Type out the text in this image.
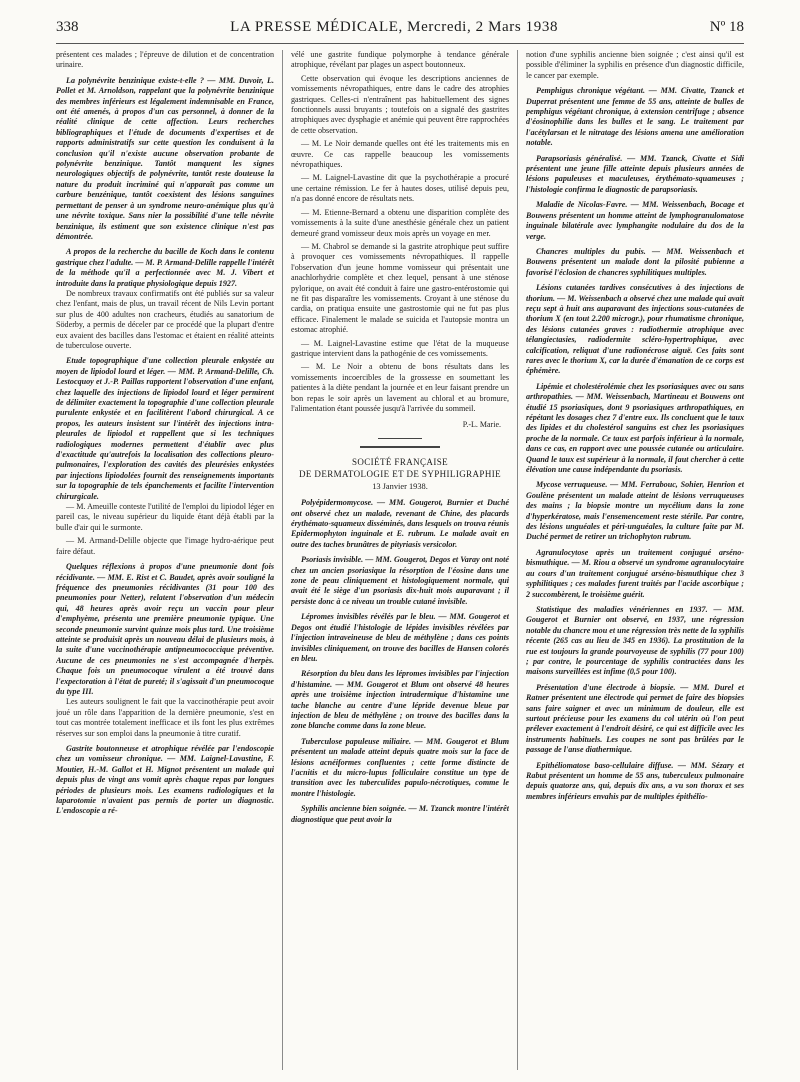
338	LA PRESSE MÉDICALE, Mercredi, 2 Mars 1938	Nº 18

présentent ces malades ; l'épreuve de dilution et de concentration urinaire.

La polynévrite benzinique existe-t-elle ? — MM. Duvoir, L. Pollet et M. Arnoldson, rappelant que la polynévrite benzinique des membres inférieurs est légalement indemnisable en France, ont été amenés, à propos d'un cas personnel, à donner de la réalité clinique de cette affection. Leurs recherches bibliographiques et l'étude de documents d'expertises et de rapports administratifs sur cette question les conduisent à la conclusion qu'il n'existe aucune observation probante de polynévrite benzinique. Tantôt manquent les signes neurologiques objectifs de polynévrite, tantôt reste douteuse la nature du produit incriminé qui n'apparaît pas comme un carbure benzénique, tantôt coexistent des lésions sanguines permettant de penser à un syndrome neuro-anémique plus qu'à une névrite toxique. Sans nier la possibilité d'une telle névrite benzinique, ils estiment que son existence clinique n'est pas démontrée.

A propos de la recherche du bacille de Koch dans le contenu gastrique chez l'adulte. — M. P. Armand-Delille rappelle l'intérêt de la méthode qu'il a perfectionnée avec M. J. Vibert et introduite dans la pratique physiologique depuis 1927.

De nombreux travaux confirmatifs ont été publiés sur sa valeur chez l'enfant, mais de plus, un travail récent de Nils Levin portant sur plus de 400 adultes non cracheurs, étudiés au sanatorium de Söderby, a permis de déceler par ce procédé que la plupart d'entre eux avaient des bacilles dans l'estomac et étaient en réalité atteints de tuberculose ouverte.

Etude topographique d'une collection pleurale enkystée au moyen de lipiodol lourd et léger. — MM. P. Armand-Delille, Ch. Lestocquoy et J.-P. Paillas rapportent l'observation d'une enfant, chez laquelle des injections de lipiodol lourd et léger permirent de délimiter exactement la topographie d'une collection pleurale purulente enkystée et en facilitèrent l'abord chirurgical. A ce propos, les auteurs insistent sur l'intérêt des injections intra-pleurales de lipiodol et rappellent que si les techniques radiologiques modernes permettent d'établir avec plus d'exactitude qu'autrefois la localisation des collections pleuro-pulmonaires, l'exploration des cavités des pleurésies enkystées par injections lipiodolées fournit des renseignements importants sur la topographie de tels épanchements et facilite l'intervention chirurgicale.

— M. Ameuille conteste l'utilité de l'emploi du lipiodol léger en pareil cas, le niveau supérieur du liquide étant déjà établi par la bulle d'air qui le surmonte.

— M. Armand-Delille objecte que l'image hydro-aérique peut faire défaut.

Quelques réflexions à propos d'une pneumonie dont fois récidivante. — MM. E. Rist et C. Baudet, après avoir souligné la fréquence des pneumonies récidivantes (31 pour 100 des pneumonies pour Netter), relatent l'observation d'un médecin qui, 48 heures après avoir reçu un vaccin pour pleur d'emphyème, présenta une première pneumonie typique. Une seconde pneumonie survint quinze mois plus tard. Une troisième atteinte se produisit après un nouveau délai de plusieurs mois, à la suite d'une vaccinothérapie antipneumococcique préventive. Aucune de ces pneumonies ne s'est accompagnée d'herpès. Chaque fois un pneumocoque virulent a été trouvé dans l'expectoration à l'état de pureté; il s'agissait d'un pneumocoque du type III.

Les auteurs soulignent le fait que la vaccinothérapie peut avoir joué un rôle dans l'apparition de la dernière pneumonie, s'est en tout cas montrée totalement inefficace et ils font les plus extrêmes réserves sur son emploi dans la pneumonie à titre curatif.

Gastrite boutonneuse et atrophique révélée par l'endoscopie chez un vomisseur chronique. — MM. Laignel-Lavastine, F. Moutier, H.-M. Gallot et H. Mignot présentent un malade qui depuis plus de vingt ans vomit après chaque repas par longues périodes de plusieurs mois. Les examens radiologiques et la laparotomie n'avaient pas permis de porter un diagnostic. L'endoscopie a ré-

vélé une gastrite fundique polymorphe à tendance générale atrophique, révélant par plages un aspect boutonneux.

Cette observation qui évoque les descriptions anciennes de vomissements névropathiques, entre dans le cadre des atrophies gastriques. Celles-ci n'entraînent pas habituellement des signes fonctionnels aussi bruyants ; toutefois on a signalé des gastrites atrophiques avec dysphagie et anémie qui peuvent être rapprochées de cette observation.

— M. Le Noir demande quelles ont été les traitements mis en œuvre. Ce cas rappelle beaucoup les vomissements névropathiques.

— M. Laignel-Lavastine dit que la psychothérapie a procuré une certaine rémission. Le fer à hautes doses, utilisé depuis peu, n'a pas donné encore de résultats nets.

— M. Etienne-Bernard a obtenu une disparition complète des vomissements à la suite d'une anesthésie générale chez un patient demeuré grand vomisseur deux mois après un voyage en mer.

— M. Chabrol se demande si la gastrite atrophique peut suffire à provoquer ces vomissements névropathiques. Il rappelle l'observation d'un jeune homme vomisseur qui présentait une anachlorhydrie complète et chez lequel, pensant à une sténose pylorique, on avait été conduit à faire une gastro-entérostomie qui ne fit pas disparaître les vomissements. Croyant à une sténose du cardia, on pratiqua ensuite une gastrostomie qui ne fut pas plus efficace. Finalement le malade se suicida et l'autopsie montra un estomac atrophié.

— M. Laignel-Lavastine estime que l'état de la muqueuse gastrique intervient dans la pathogénie de ces vomissements.

— M. Le Noir a obtenu de bons résultats dans les vomissements incoercibles de la grossesse en soumettant les patientes à la diète pendant la journée et en leur faisant prendre un bon repas le soir après un lavement au chloral et au bromure, l'alimentation étant poussée jusqu'à l'arrivée du sommeil.

P.-L. Marie.

SOCIÉTÉ FRANÇAISE

DE DERMATOLOGIE ET DE SYPHILIGRAPHIE

13 Janvier 1938.

Polyépidermomycose. — MM. Gougerot, Burnier et Duché ont observé chez un malade, revenant de Chine, des placards érythémato-squameux disséminés, dans lesquels on trouva réunis Epidermophyton inguinale et E. rubrum. Le malade avait en outre des taches brunâtres de pityriasis versicolor.

Psoriasis invisible. — MM. Gougerot, Degos et Varay ont noté chez un ancien psoriasique la résorption de l'éosine dans une zone de peau cliniquement et histologiquement normale, qui avait été le siège d'un psoriasis dix-huit mois auparavant ; il persiste donc à ce niveau un trouble cutané invisible.

Lépromes invisibles révélés par le bleu. — MM. Gougerot et Degos ont étudié l'histologie de lépides invisibles révélées par l'injection intraveineuse de bleu de méthylène ; dans ces points invisibles cliniquement, on trouve des bacilles de Hansen colorés en bleu.

Résorption du bleu dans les lépromes invisibles par l'injection d'histamine. — MM. Gougerot et Blum ont observé 48 heures après une troisième injection intradermique d'histamine une tache blanche au centre d'une lépride devenue bleue par injection de bleu de méthylène ; on trouve des bacilles dans la zone blanche comme dans la zone bleue.

Tuberculose papuleuse miliaire. — MM. Gougerot et Blum présentent un malade atteint depuis quatre mois sur la face de lésions acnéiformes confluentes ; cette forme distincte de l'acnitis et du micro-lupus folliculaire constitue un type de transition avec les tuberculides papulo-nécrotiques, comme le montre l'histologie.

Syphilis ancienne bien soignée. — M. Tzanck montre l'intérêt diagnostique que peut avoir la

notion d'une syphilis ancienne bien soignée ; c'est ainsi qu'il est possible d'éliminer la syphilis en présence d'un diagnostic difficile, le cancer par exemple.

Pemphigus chronique végétant. — MM. Civatte, Tzanck et Duperrat présentent une femme de 55 ans, atteinte de bulles de pemphigus végétant chronique, à extension centrifuge ; absence d'éosinophilie dans les bulles et le sang. Le traitement par l'acétylarsan et le nitratage des lésions amena une amélioration notable.

Parapsoriasis généralisé. — MM. Tzanck, Civatte et Sidi présentent une jeune fille atteinte depuis plusieurs années de lésions papuleuses et maculeuses, érythémato-squameuses ; l'histologie confirma le diagnostic de parapsoriasis.

Maladie de Nicolas-Favre. — MM. Weissenbach, Bocage et Bouwens présentent un homme atteint de lymphogranulomatose inguinale bilatérale avec lymphangite nodulaire du dos de la verge.

Chancres multiples du pubis. — MM. Weissenbach et Bouwens présentent un malade dont la pilosité pubienne a favorisé l'éclosion de chancres syphilitiques multiples.

Lésions cutanées tardives consécutives à des injections de thorium. — M. Weissenbach a observé chez une malade qui avait reçu sept à huit ans auparavant des injections sous-cutanées de thorium X (en tout 2.200 microgr.), pour rhumatisme chronique, des lésions cutanées graves : radiothermie atrophique avec télangiectasies, radiodermite scléro-hypertrophique, avec calcification, reliquat d'une radionécrose aiguë. Ces faits sont rares avec le thorium X, car la durée d'émanation de ce corps est éphémère.

Lipémie et cholestérolémie chez les psoriasiques avec ou sans arthropathies. — MM. Weissenbach, Martineau et Bouwens ont étudié 15 psoriasiques, dont 9 psoriasiques arthropathiques, en répétant les dosages chez 7 d'entre eux. Ils concluent que le taux des lipides et du cholestérol sanguins est chez les psoriasiques proche de la normale. Ce taux est parfois inférieur à la normale, dans ce cas, en rapport avec une poussée cutanée ou articulaire. Quand le taux est supérieur à la normale, il faut chercher à cette élévation une cause indépendante du psoriasis.

Mycose verruqueuse. — MM. Ferrabouc, Sohier, Henrion et Goulène présentent un malade atteint de lésions verruqueuses des mains ; la biopsie montre un mycélium dans la zone d'hyperkératose, mais l'ensemencement reste stérile. Par contre, des lésions unguéales et péri-unguéales, la culture faite par M. Duché permet de retirer un trichophyton rubrum.

Agranulocytose après un traitement conjugué arséno-bismuthique. — M. Riou a observé un syndrome agranulocytaire au cours d'un traitement conjugué arséno-bismuthique chez 3 syphilitiques ; ces malades furent traités par l'acide ascorbique ; 2 succombèrent, le troisième guérit.

Statistique des maladies vénériennes en 1937. — MM. Gougerot et Burnier ont observé, en 1937, une régression notable du chancre mou et une régression très nette de la syphilis récente (265 cas au lieu de 345 en 1936). La prostitution de la rue est toujours la grande pourvoyeuse de syphilis (77 pour 100) ; par contre, le pourcentage de syphilis contractées dans les maisons surveillées est infime (0,5 pour 100).

Présentation d'une électrode à biopsie. — MM. Durel et Ratner présentent une électrode qui permet de faire des biopsies sans faire saigner et avec un minimum de douleur, elle est surtout précieuse pour les examens du col utérin où l'on peut prélever exactement à l'endroit désiré, ce qui est difficile avec les instruments habituels. Les coupes ne sont pas brûlées par le passage de l'anse diathermique.

Epithéliomatose baso-cellulaire diffuse. — MM. Sézary et Rabut présentent un homme de 55 ans, tuberculeux pulmonaire depuis quatorze ans, qui, depuis dix ans, a vu son thorax et ses membres inférieurs envahis par de multiples épithélio-
